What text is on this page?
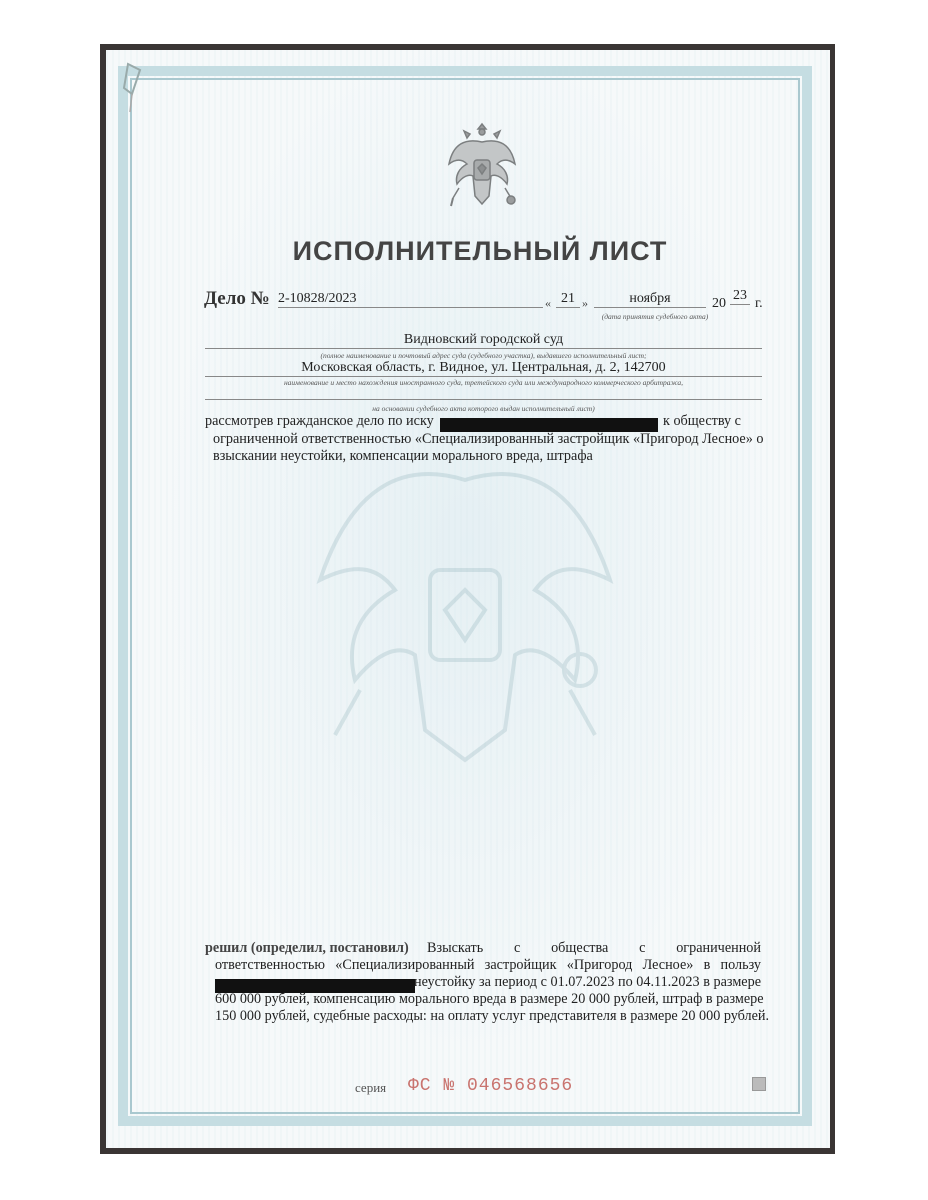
ИСПОЛНИТЕЛЬНЫЙ ЛИСТ
Дело № 2-10828/2023	« 21 »	ноября	20
23
г.
(дата принятия судебного акта)
Видновский городской суд
(полное наименование и почтовый адрес суда (судебного участка), выдавшего исполнительный лист;
Московская область, г. Видное, ул. Центральная, д. 2, 142700
наименование и место нахождения иностранного суда, третейского суда или международного коммерческого арбитража,
на основании судебного акта которого выдан исполнительный лист)
рассмотрев гражданское дело по иску	к обществу с
ограниченной ответственностью «Специализированный застройщик «Пригород Лесное» о
взыскании неустойки, компенсации морального вреда, штрафа
решил (определил, постановил) Взыскать с общества с ограниченной
ответственностью «Специализированный застройщик «Пригород Лесное» в пользу
неустойку за период с 01.07.2023 по 04.11.2023 в размере
600 000 рублей, компенсацию морального вреда в размере 20 000 рублей, штраф в размере
150 000 рублей, судебные расходы: на оплату услуг представителя в размере 20 000 рублей.
серия ФС № 046568656
